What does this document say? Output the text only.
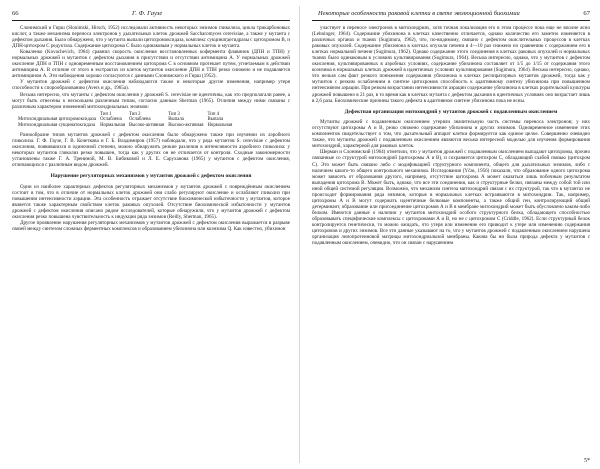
66	Г. Ф. Гаузе

Слонимский и Гирш (Slonimski, Hirsch, 1952) исследовали активность некоторых энзимов гликолиза, цикла трикарбоновых кислот, а также механизма переноса электронов у дыхательных клеток дрожжей Saccharomyces cerevisiae, а также у мутанта с дефектом дыхания. Было обнаружено, что у мутанта выпали цитохромоксидаза, комплекс сукцинатдегидразы с цитохромом В, и ДПН-цитохром С редуктаза. Содержание цитохрома С было одинаковым у нормальных клеток и мутанта.

Коваленко (Kovachevich, 1964) сравнил скорость окисления восстановленных кофермента флавинов (ДПН и ТПН) у нормальных дрожжей и мутантов с дефектом дыхания в присутствии и отсутствии антимицина А. У нормальных дрожжей окисление ДПН и ТПН с одновременным восстановлением цитохрома С в основном протекает путем, угнетаемым в действии антимицина А. В отличие от этого в экстрактах из клеток мутантов окисление ДПН и ТПН резко снижено и не подавляется антимицином А. Эти наблюдения хорошо согласуются с данными Слонимского и Гирш (1952).

У мутантов дрожжей с дефектом окисления наблюдаются также и некоторые другие изменения, например утеря способности к спорообразованию (Avers и др., 1965а).

Весьма интересно, что мутанты с дефектом окисления у дрожжей S. cerevisiae не идентичны, как это предполагали ранее, а могут быть отнесены к нескольким различным типам, согласно данным Sherman (1965). Отличия между ними связаны с различным характером изменений митохондриальных энзимов:

	Тип 1	Тип 2	Тип 3	Тип 4
Митохондриальная цитохромоксидаза	Ослаблена	Ослаблена	Выпала	Выпала
Митохондриальная сукцинатоксидаза	Нормальная	Высоко-активная	Высоко-активная	Нормальная

Разнообразие типов мутантов дрожжей с дефектом окисления было обнаружено также при изучении их аэробного гликолиза. Г. Ф. Гаузе, Г. В. Кочеткова и Г. Б. Владимиров (1957) наблюдали, что у ряда мутантов S. cerevisiae с дефектом окисления, появившихся в одиночной степени, можно обнаружить резкие различия в интенсивности аэробного гликолиза: у некоторых мутантов гликолиз резко повышен, тогда как у других он не отличается от контроля. Сходные закономерности установлены также Г. А. Трениной, М. В. Бибиковой и Л. Е. Саруханова (1965) у мутантов с дефектом окисления, отличающихся с различным видом дрожжей.

Нарушение регуляторных механизмов у мутантов дрожжей с дефектом окисления

Одни из наиболее характерных дефектов регуляторных механизмов у мутантов дрожжей с повреждённым окислением состоит в том, что в отличие от нормальных клеток дрожжей они слабо регулируют окисление и ослабляют гликолиз при повышении интенсивности аэрации. Эта особенность отражает отсутствие биохимической избыточности у мутантов, которое является также характерным свойством клеток раковых опухолей. Отсутствие биохимической избыточности у мутантов дрожжей с дефектом окисления описано рядом исследователей, которые обнаружили, что у мутантов дрожжей с дефектом окисления резко повышена чувствительность к индукции ряда энзимов (Reilly, Sherman, 1965).

Другое проявление нарушения регуляторных механизмов у мутантов дрожжей с дефектом окисления выражается в разрыве связей между синтезом сложных ферментных комплексов и образованием убихинона или коэнзима Q. Как известно, убихинон

Некоторые особенности раковой клетки в свете эволюционной биохимии	67

участвует в переносе электронов в митохондриях, хотя точная локализация его в этом процессе пока еще не вполне ясно (Lehninger, 1964). Содержание убихинона в клетках качественно отличается, однако количество его заметно изменяется в различных органах и тканях (Sugimura, 1962), что, по-видимому, связано с дефектом окислительных процессов в клетках раковых опухолей. Содержание убихинона в клетках опухоли печени в 4—10 раз снижено по сравнению с содержанием его в клетках нормальной печени (Sugimura, 1962). Однако содержание этого соединения в клетках раковых опухолей и нормальных тканях было одинаковым в условиях культивирования (Sugimura, 1964). Весьма интересно, однако, что у мутантов с дефектом окисления, культивированных в аэробных условиях, содержание убихинона составляет от 1/5 до 1/15 от содержания этого коэнзима в нормальных клетках дрожжей в идентичных условиях культивирования (Sugimura, 1964). Весьма интересно, однако, что нельзя сам факт резкого понижения содержания убихинона в клетках респираторных мутантов дрожжей, тогда как у мутантов с резким ослаблением в синтезе цитохромов способность к адаптивному синтезу убихинона при повышенном интенсивном аэрации. При резком возрастании интенсивности аэрации содержание убихинона в клетках родительской культуры дрожжей повышено в 21 раз, в то время как в клетках мутанта с дефектом дыхания в идентичных условиях оно возрастает лишь в 2,6 раза. Биохимические причины такого дефекта в адаптивном синтезе убихинона пока не ясны.

Дефектная организация митохондрий у мутантов дрожжей с подавленным окислением

Мутанты дрожжей с подавленным окислением утеряли значительную часть системы переноса электронов; у них отсутствуют цитохромы А и В, резко снижено содержание убихинона и других энзимов. Одновременное изменение этих компонентов свидетельствует о том, что дыхательный аппарат клетки формируется как единое целое. Совершенно очевидно также, что мутанты дрожжей с подавленным окислением являются весьма интересной моделью для изучения формирования митохондрий, характерной для раковых клеток.

Шерман и Слонимский (1964) отметили, что у мутантов дрожжей с подавленным окислением выпадают цитохромы, прочно связанные со структурой митохондрий (цитохромы А и В), и сохраняется цитохром С, обладающий слабой связью (цитохром С). Это может быть связано либо с модификацией структурного компонента, общего для дыхательных энзимов, либо с наличием какого-то общего контрольного механизма. Исследования (Yčas, 1956) показали, что образование одного цитохрома может зависеть от образования другого, например, отсутствие цитохрома А может оказаться лишь побочным результатом выпадения цитохрома В. Может быть, однако, что все эти соединения, как и структурные белки, связаны между собой той или иной общей системой регуляции. Возможно, что механизм синтеза митохондрий связан с их структурой, так что в мутантах не происходит формирования ряда энзимов, которые в нормальных клетках встраиваются в митохондрии. Так, например, цитохромы А и В могут содержать идентичные белковые компоненты, а также общий ген, контролирующий общий детерминант, образование или присоединение цитохромов А и В в мембране митохондрий может быть обусловлено каким-либо белком. Имеются данные о наличии у мутантов митохондрий особого структурного белка, обладающего способностью образовывать специфические комплексы с цитохромами А и В, но не с цитохромом С (Criddle, 1962). Если структурный белок контролируется генетически, то можно ожидать, что утеря или изменение его приводит к утере или изменению содержания цитохромов и других энзимов. Все эти данные указывают на то, что у мутантов дрожжей с подавленным окислением нарушена организация липопротеиновой матрицы митохондриальной мембраны. Какова бы ни была природа дефекта у мутантов с подавленным окислением, очевидно, что он связан с нарушением

5*
